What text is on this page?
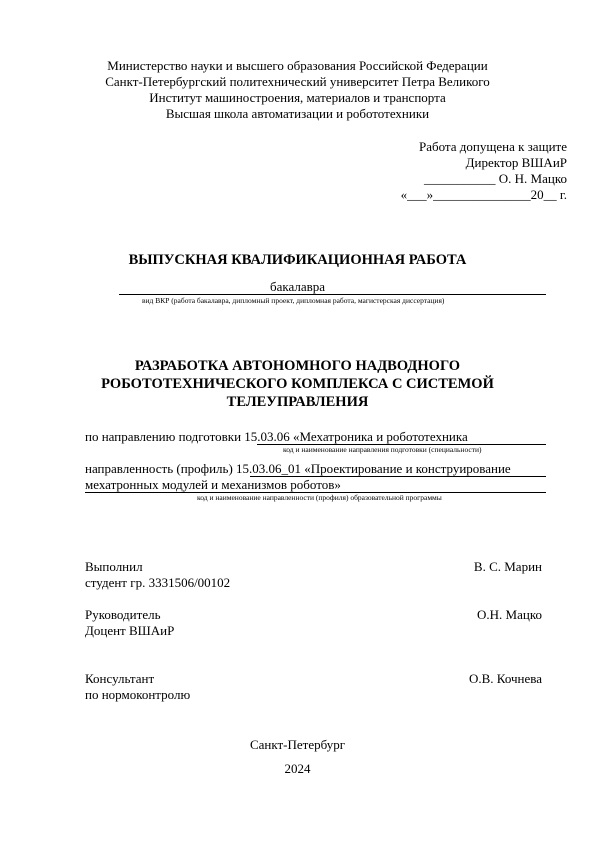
Министерство науки и высшего образования Российской Федерации
Санкт-Петербургский политехнический университет Петра Великого
Институт машиностроения, материалов и транспорта
Высшая школа автоматизации и робототехники
Работа допущена к защите
Директор ВШАиР
___________ О. Н. Мацко
«___»_______________20__ г.
ВЫПУСКНАЯ КВАЛИФИКАЦИОННАЯ РАБОТА
бакалавра
вид ВКР (работа бакалавра, дипломный проект, дипломная работа, магистерская диссертация)
РАЗРАБОТКА АВТОНОМНОГО НАДВОДНОГО
РОБОТОТЕХНИЧЕСКОГО КОМПЛЕКСА С СИСТЕМОЙ
ТЕЛЕУПРАВЛЕНИЯ
по направлению подготовки 15.03.06 «Мехатроника и робототехника
код и наименование направления подготовки (специальности)
направленность (профиль) 15.03.06_01 «Проектирование и конструирование
мехатронных модулей и механизмов роботов»
код и наименование направленности (профиля) образовательной программы
Выполнил
студент гр. 3331506/00102
В. С. Марин
Руководитель
Доцент ВШАиР
О.Н. Мацко
Консультант
по нормоконтролю
О.В. Кочнева
Санкт-Петербург
2024
